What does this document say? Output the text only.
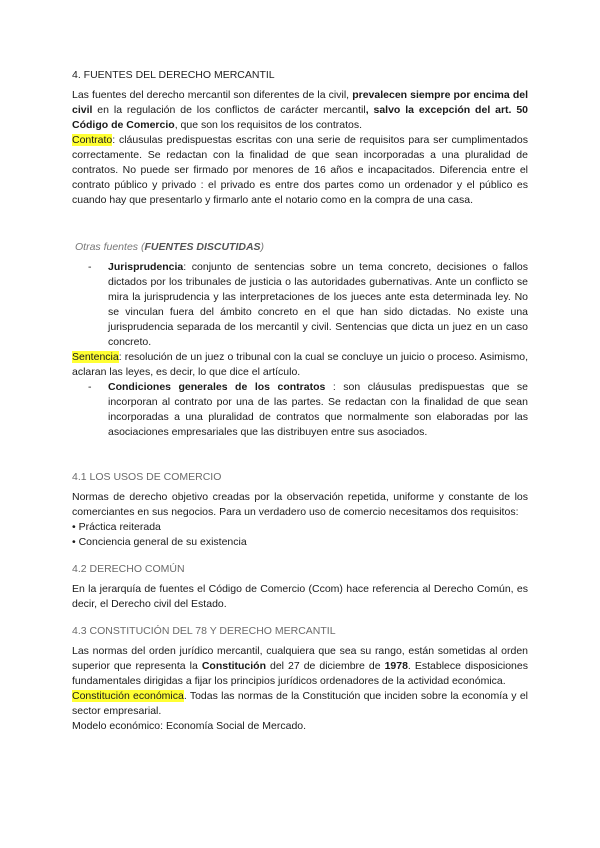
4. FUENTES DEL DERECHO MERCANTIL

Las fuentes del derecho mercantil son diferentes de la civil, prevalecen siempre por encima del civil en la regulación de los conflictos de carácter mercantil, salvo la excepción del art. 50 Código de Comercio, que son los requisitos de los contratos.

Contrato: cláusulas predispuestas escritas con una serie de requisitos para ser cumplimentados correctamente. Se redactan con la finalidad de que sean incorporadas a una pluralidad de contratos. No puede ser firmado por menores de 16 años e incapacitados. Diferencia entre el contrato público y privado : el privado es entre dos partes como un ordenador y el público es cuando hay que presentarlo y firmarlo ante el notario como en la compra de una casa.

Otras fuentes (FUENTES DISCUTIDAS)
- Jurisprudencia: conjunto de sentencias sobre un tema concreto, decisiones o fallos dictados por los tribunales de justicia o las autoridades gubernativas. Ante un conflicto se mira la jurisprudencia y las interpretaciones de los jueces ante esta determinada ley. No se vinculan fuera del ámbito concreto en el que han sido dictadas. No existe una jurisprudencia separada de los mercantil y civil. Sentencias que dicta un juez en un caso concreto.

Sentencia: resolución de un juez o tribunal con la cual se concluye un juicio o proceso. Asimismo, aclaran las leyes, es decir, lo que dice el artículo.

- Condiciones generales de los contratos : son cláusulas predispuestas que se incorporan al contrato por una de las partes. Se redactan con la finalidad de que sean incorporadas a una pluralidad de contratos que normalmente son elaboradas por las asociaciones empresariales que las distribuyen entre sus asociados.
4.1 LOS USOS DE COMERCIO

Normas de derecho objetivo creadas por la observación repetida, uniforme y constante de los comerciantes en sus negocios. Para un verdadero uso de comercio necesitamos dos requisitos:

• Práctica reiterada
• Conciencia general de su existencia
4.2 DERECHO COMÚN

En la jerarquía de fuentes el Código de Comercio (Ccom) hace referencia al Derecho Común, es decir, el Derecho civil del Estado.

4.3 CONSTITUCIÓN DEL 78 Y DERECHO MERCANTIL

Las normas del orden jurídico mercantil, cualquiera que sea su rango, están sometidas al orden superior que representa la Constitución del 27 de diciembre de 1978. Establece disposiciones fundamentales dirigidas a fijar los principios jurídicos ordenadores de la actividad económica.

Constitución económica. Todas las normas de la Constitución que inciden sobre la economía y el sector empresarial.

Modelo económico: Economía Social de Mercado.
